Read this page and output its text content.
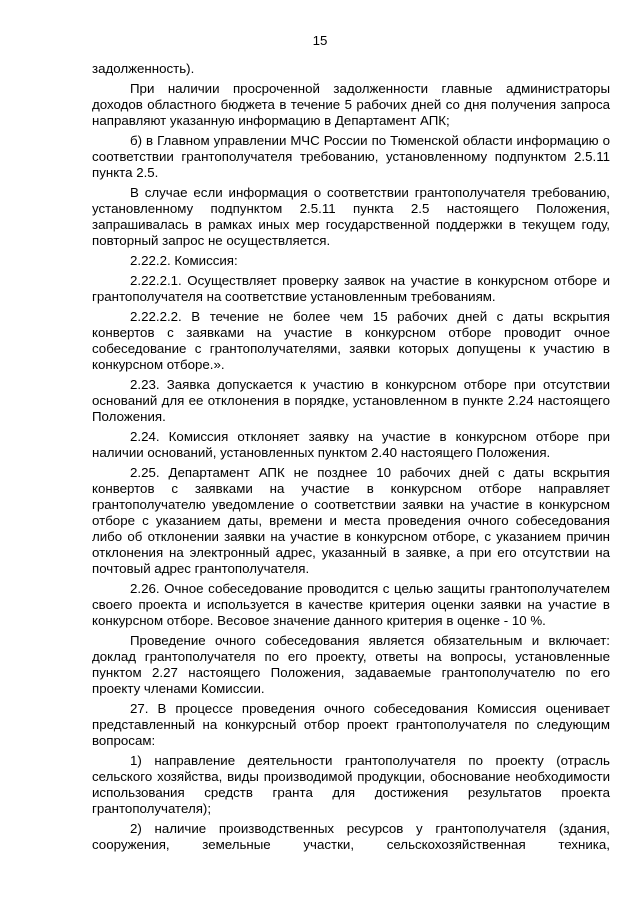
15

задолженность).

При наличии просроченной задолженности главные администраторы доходов областного бюджета в течение 5 рабочих дней со дня получения запроса направляют указанную информацию в Департамент АПК;

б) в Главном управлении МЧС России по Тюменской области информацию о соответствии грантополучателя требованию, установленному подпунктом 2.5.11 пункта 2.5.

В случае если информация о соответствии грантополучателя требованию, установленному подпунктом 2.5.11 пункта 2.5 настоящего Положения, запрашивалась в рамках иных мер государственной поддержки в текущем году, повторный запрос не осуществляется.

2.22.2. Комиссия:

2.22.2.1. Осуществляет проверку заявок на участие в конкурсном отборе и грантополучателя на соответствие установленным требованиям.

2.22.2.2. В течение не более чем 15 рабочих дней с даты вскрытия конвертов с заявками на участие в конкурсном отборе проводит очное собеседование с грантополучателями, заявки которых допущены к участию в конкурсном отборе.».

2.23. Заявка допускается к участию в конкурсном отборе при отсутствии оснований для ее отклонения в порядке, установленном в пункте 2.24 настоящего Положения.

2.24. Комиссия отклоняет заявку на участие в конкурсном отборе при наличии оснований, установленных пунктом 2.40 настоящего Положения.

2.25. Департамент АПК не позднее 10 рабочих дней с даты вскрытия конвертов с заявками на участие в конкурсном отборе направляет грантополучателю уведомление о соответствии заявки на участие в конкурсном отборе с указанием даты, времени и места проведения очного собеседования либо об отклонении заявки на участие в конкурсном отборе, с указанием причин отклонения на электронный адрес, указанный в заявке, а при его отсутствии на почтовый адрес грантополучателя.

2.26. Очное собеседование проводится с целью защиты грантополучателем своего проекта и используется в качестве критерия оценки заявки на участие в конкурсном отборе. Весовое значение данного критерия в оценке - 10 %.

Проведение очного собеседования является обязательным и включает: доклад грантополучателя по его проекту, ответы на вопросы, установленные пунктом 2.27 настоящего Положения, задаваемые грантополучателю по его проекту членами Комиссии.

27. В процессе проведения очного собеседования Комиссия оценивает представленный на конкурсный отбор проект грантополучателя по следующим вопросам:

1) направление деятельности грантополучателя по проекту (отрасль сельского хозяйства, виды производимой продукции, обоснование необходимости использования средств гранта для достижения результатов проекта грантополучателя);

2) наличие производственных ресурсов у грантополучателя (здания, сооружения, земельные участки, сельскохозяйственная техника,
